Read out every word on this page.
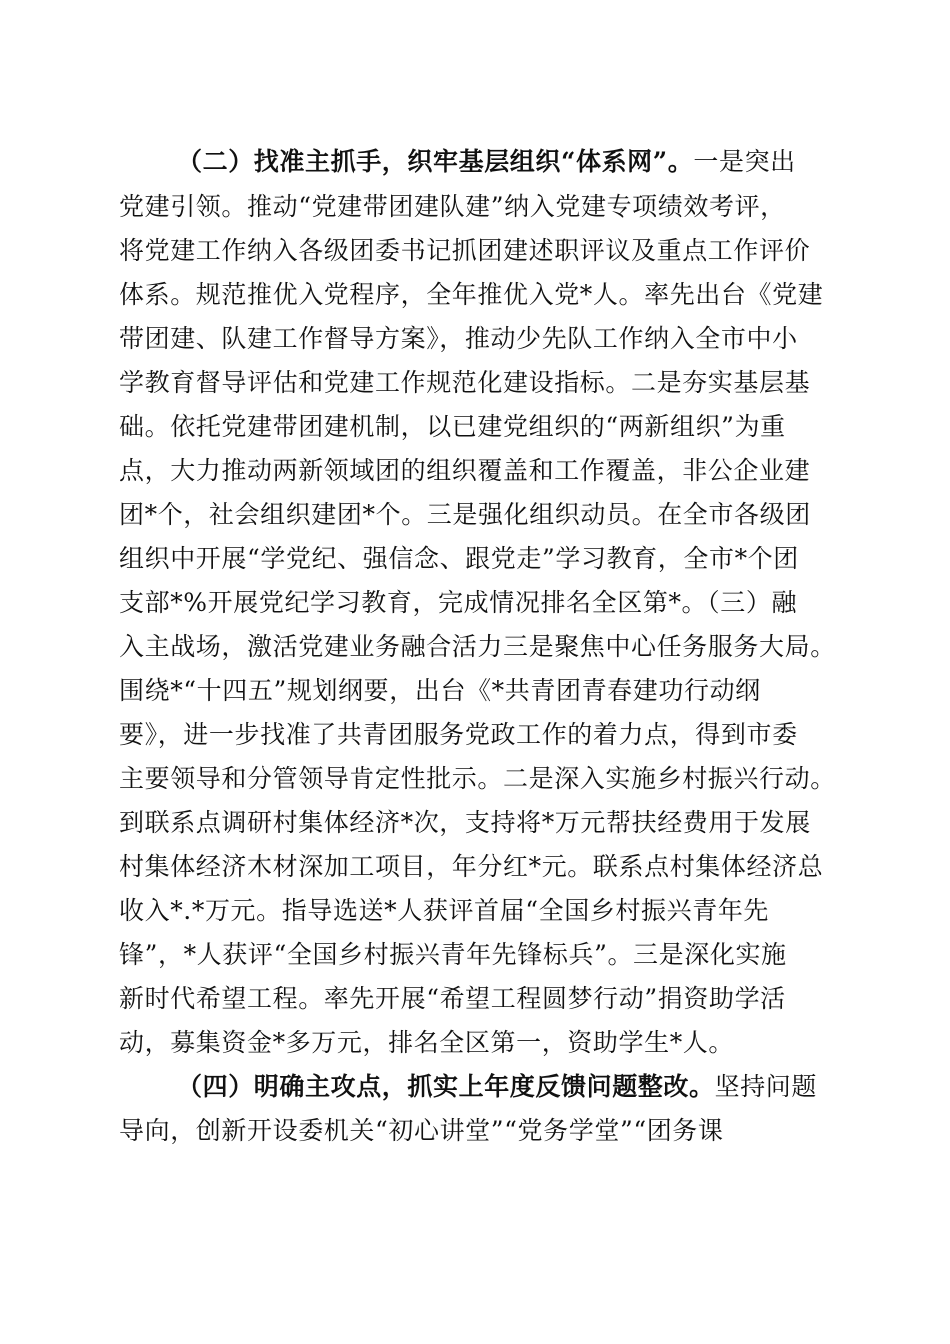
（二）找准主抓手，织牢基层组织“体系网”。一是突出
党建引领。推动“党建带团建队建”纳入党建专项绩效考评，
将党建工作纳入各级团委书记抓团建述职评议及重点工作评价
体系。规范推优入党程序，全年推优入党*人。率先出台《党建
带团建、队建工作督导方案》，推动少先队工作纳入全市中小
学教育督导评估和党建工作规范化建设指标。二是夯实基层基
础。依托党建带团建机制，以已建党组织的“两新组织”为重
点，大力推动两新领域团的组织覆盖和工作覆盖，非公企业建
团*个，社会组织建团*个。三是强化组织动员。在全市各级团
组织中开展“学党纪、强信念、跟党走”学习教育，全市*个团
支部*%开展党纪学习教育，完成情况排名全区第*。（三）融
入主战场，激活党建业务融合活力三是聚焦中心任务服务大局。
围绕*“十四五”规划纲要，出台《*共青团青春建功行动纲
要》，进一步找准了共青团服务党政工作的着力点，得到市委
主要领导和分管领导肯定性批示。二是深入实施乡村振兴行动。
到联系点调研村集体经济*次，支持将*万元帮扶经费用于发展
村集体经济木材深加工项目，年分红*元。联系点村集体经济总
收入*.*万元。指导选送*人获评首届“全国乡村振兴青年先
锋”，*人获评“全国乡村振兴青年先锋标兵”。三是深化实施
新时代希望工程。率先开展“希望工程圆梦行动”捐资助学活
动，募集资金*多万元，排名全区第一，资助学生*人。
（四）明确主攻点，抓实上年度反馈问题整改。坚持问题
导向，创新开设委机关“初心讲堂”“党务学堂”“团务课
